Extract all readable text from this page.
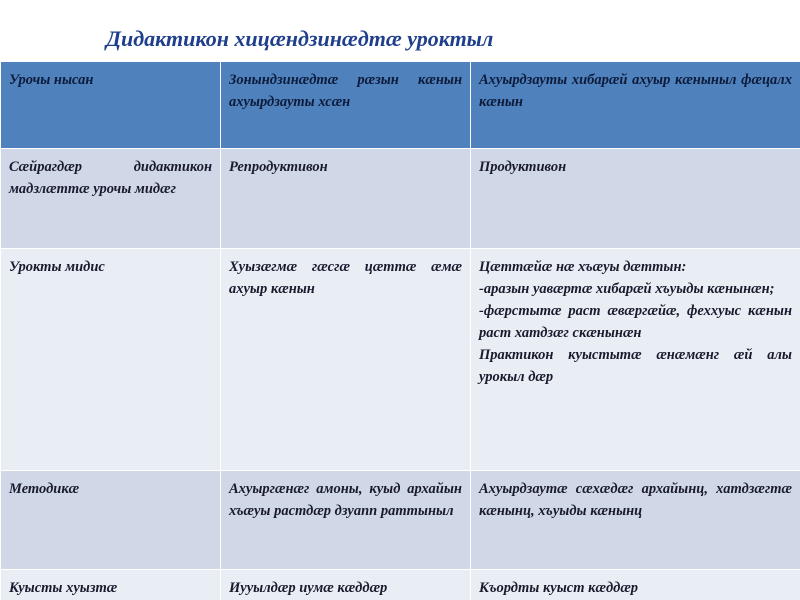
Дидактикон хицæндзинæдтæ уроктыл
Урочы нысан	Зонындзинæдтæ рæзын кæнын ахуырдзауты хсæн	Ахуырдзауты хибарæй ахуыр кæныныл фæцалх кæнын
Сæйрагдæр дидактикон мадзлæттæ урочы мидæг	Репродуктивон	Продуктивон

Урокты мидис	Хуызæгмæ гæсгæ цæттæ æмæ ахуыр кæнын	Цæттæйæ нæ хъæуы дæттын:
-аразын уавæртæ хибарæй хъуыды кæнынæн;
-фæрстытæ раст æвæргæйæ, феххуыс кæнын раст хатдзæг скæнынæн
Практикон куыстытæ æнæмæнг æй алы урокыл дæр

Методикæ	Ахуыргæнæг амоны, куыд архайын хъæуы растдæр дзуапп раттыныл	Ахуырдзаутæ сæхæдæг архайынц, хатдзæгтæ кæнынц, хъуыды кæнынц

Куысты хуызтæ	Иууылдæр иумæ кæддæр	Къордты куыст кæддæр
